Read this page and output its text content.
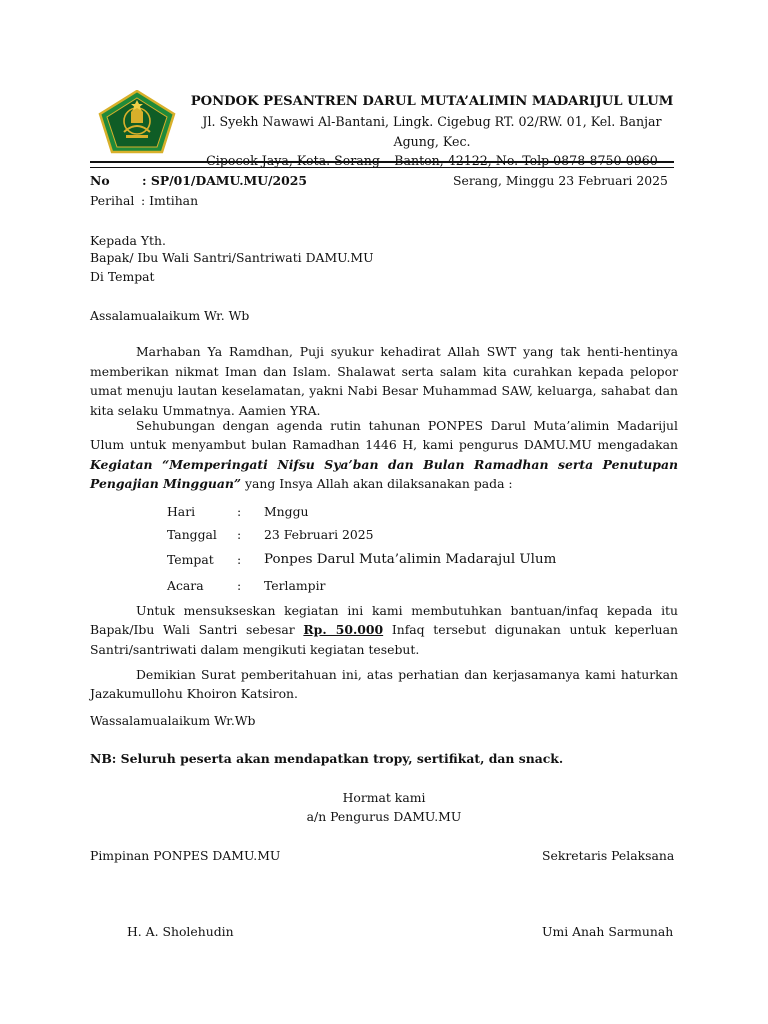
PONDOK PESANTREN DARUL MUTA’ALIMIN MADARIJUL ULUM
Jl. Syekh Nawawi Al-Bantani, Lingk. Cigebug RT. 02/RW. 01, Kel. Banjar Agung, Kec.
Cipocok Jaya, Kota. Serang – Banten, 42122, No. Telp 0878-8750-0960
No	: SP/01/DAMU.MU/2025	Serang, Minggu 23 Februari 2025
Perihal : Imtihan
Kepada Yth.
Bapak/ Ibu Wali Santri/Santriwati DAMU.MU
Di Tempat
Assalamualaikum Wr. Wb
Marhaban Ya Ramdhan, Puji syukur kehadirat Allah SWT yang tak henti-hentinya memberikan nikmat Iman dan Islam. Shalawat serta salam kita curahkan kepada pelopor umat menuju lautan keselamatan, yakni Nabi Besar Muhammad SAW, keluarga, sahabat dan kita selaku Ummatnya. Aamien YRA.
Sehubungan dengan agenda rutin tahunan PONPES Darul Muta’alimin Madarijul Ulum untuk menyambut bulan Ramadhan 1446 H, kami pengurus DAMU.MU mengadakan Kegiatan “Memperingati Nifsu Sya’ban dan Bulan Ramadhan serta Penutupan Pengajian Mingguan” yang Insya Allah akan dilaksanakan pada :
Hari	: Mnggu
Tanggal : 23 Februari 2025
Tempat : Ponpes Darul Muta’alimin Madarajul Ulum
Acara	: Terlampir
Untuk mensukseskan kegiatan ini kami membutuhkan bantuan/infaq kepada itu Bapak/Ibu Wali Santri sebesar Rp. 50.000 Infaq tersebut digunakan untuk keperluan Santri/santriwati dalam mengikuti kegiatan tesebut.
Demikian Surat pemberitahuan ini, atas perhatian dan kerjasamanya kami haturkan Jazakumullohu Khoiron Katsiron.
Wassalamualaikum Wr.Wb
NB: Seluruh peserta akan mendapatkan tropy, sertifikat, dan snack.
Hormat kami
a/n Pengurus DAMU.MU
Pimpinan PONPES DAMU.MU	Sekretaris Pelaksana
H. A. Sholehudin	Umi Anah Sarmunah
